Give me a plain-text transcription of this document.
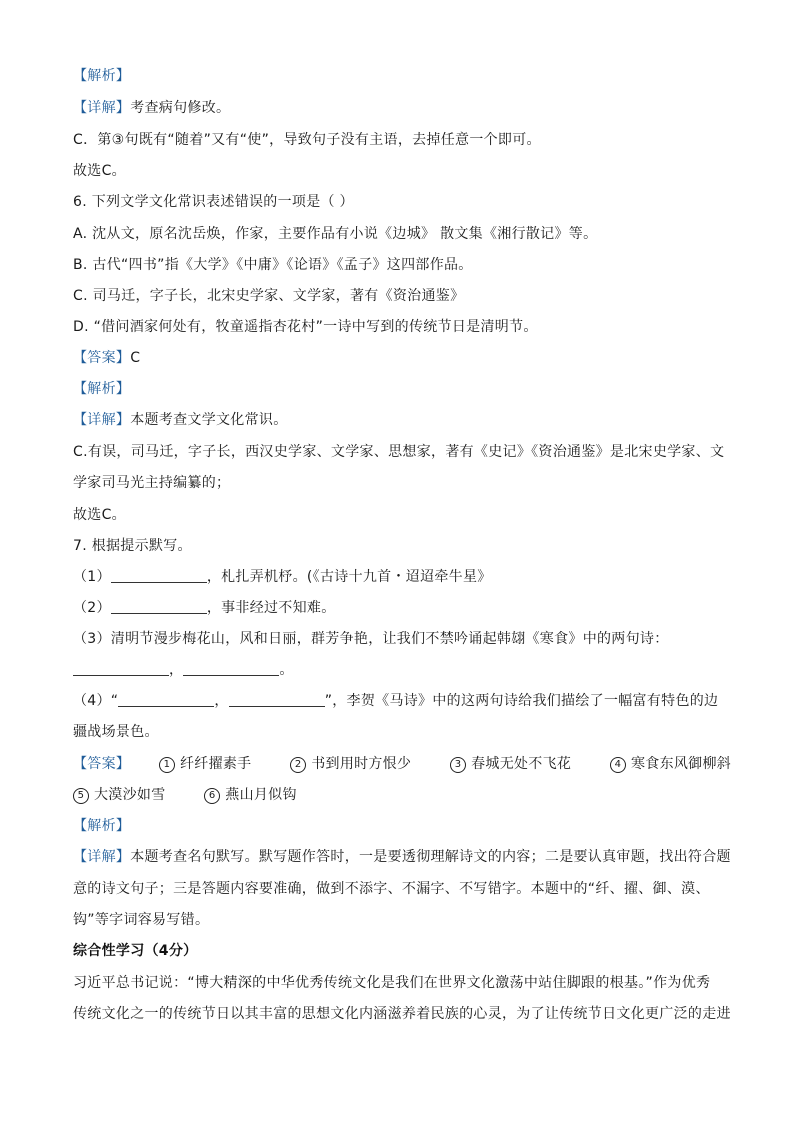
【解析】
【详解】考查病句修改。
C．第③句既有“随着”又有“使”，导致句子没有主语，去掉任意一个即可。
故选C。
6. 下列文学文化常识表述错误的一项是（ ）
A. 沈从文，原名沈岳焕，作家，主要作品有小说《边城》 散文集《湘行散记》等。
B. 古代“四书”指《大学》《中庸》《论语》《孟子》这四部作品。
C. 司马迁，字子长，北宋史学家、文学家，著有《资治通鉴》
D. “借问酒家何处有，牧童遥指杏花村”一诗中写到的传统节日是清明节。
【答案】C
【解析】
【详解】本题考查文学文化常识。
C.有误，司马迁，字子长，西汉史学家、文学家、思想家，著有《史记》《资治通鉴》是北宋史学家、文
学家司马光主持编纂的；
故选C。
7. 根据提示默写。
（1）	，札扎弄机杼。(《古诗十九首・迢迢牵牛星》
（2）	，事非经过不知难。
（3）清明节漫步梅花山，风和日丽，群芳争艳，让我们不禁吟诵起韩翃《寒食》中的两句诗：
，	。
（4）“	，	”，李贺《马诗》中的这两句诗给我们描绘了一幅富有特色的边
疆战场景色。
【答案】	1 纤纤擢素手	2 书到用时方恨少	3 春城无处不飞花	4 寒食东风御柳斜
5 大漠沙如雪	6 燕山月似钩
【解析】
【详解】本题考查名句默写。默写题作答时，一是要透彻理解诗文的内容；二是要认真审题，找出符合题
意的诗文句子；三是答题内容要准确，做到不添字、不漏字、不写错字。本题中的“纤、擢、御、漠、
钩”等字词容易写错。
综合性学习（4分）
习近平总书记说：“博大精深的中华优秀传统文化是我们在世界文化激荡中站住脚跟的根基。”作为优秀
传统文化之一的传统节日以其丰富的思想文化内涵滋养着民族的心灵，为了让传统节日文化更广泛的走进
